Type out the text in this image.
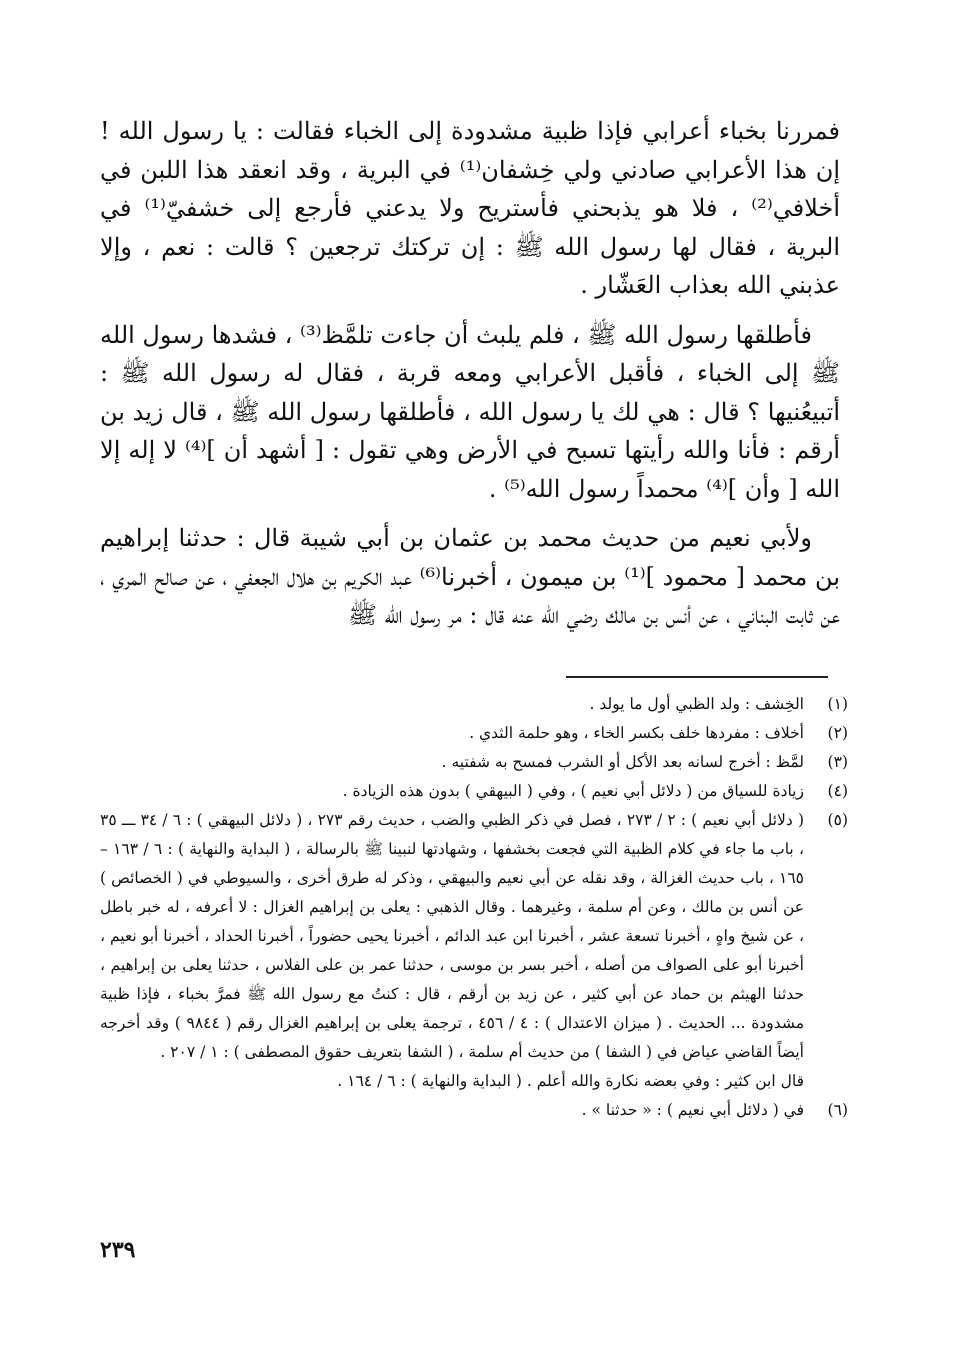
فمررنا بخباء أعرابي فإذا ظبية مشدودة إلى الخباء فقالت : يا رسول الله ! إن هذا الأعرابي صادني ولي خِشفان⁽¹⁾ في البرية ، وقد انعقد هذا اللبن في أخلافي⁽²⁾ ، فلا هو يذبحني فأستريح ولا يدعني فأرجع إلى خشفيّ⁽¹⁾ في البرية ، فقال لها رسول الله ﷺ : إن تركتك ترجعين ؟ قالت : نعم ، وإلا عذبني الله بعذاب العَشّار .

فأطلقها رسول الله ﷺ ، فلم يلبث أن جاءت تلمَّظ⁽³⁾ ، فشدها رسول الله ﷺ إلى الخباء ، فأقبل الأعرابي ومعه قربة ، فقال له رسول الله ﷺ : أتبيعُنيها ؟ قال : هي لك يا رسول الله ، فأطلقها رسول الله ﷺ ، قال زيد بن أرقم : فأنا والله رأيتها تسبح في الأرض وهي تقول : [ أشهد أن ]⁽⁴⁾ لا إله إلا الله [ وأن ]⁽⁴⁾ محمداً رسول الله⁽⁵⁾ .

ولأبي نعيم من حديث محمد بن عثمان بن أبي شيبة قال : حدثنا إبراهيم بن محمد [ محمود ]⁽¹⁾ بن ميمون ، أخبرنا⁽⁶⁾ عبد الكريم بن هلال الجعفي ، عن صالح المري ، عن ثابت البناني ، عن أنس بن مالك رضي الله عنه قال : مر رسول الله ﷺ

(١)
الخِشف : ولد الظبي أول ما يولد .
(٢)
أخلاف : مفردها خلف بكسر الخاء ، وهو حلمة الثدي .
(٣)
لمَّظ : أخرج لسانه بعد الأكل أو الشرب فمسح به شفتيه .
(٤)
زيادة للسياق من ( دلائل أبي نعيم ) ، وفي ( البيهقي ) بدون هذه الزيادة .
(٥)
( دلائل أبي نعيم ) : ٢ / ٢٧٣ ، فصل في ذكر الظبي والضب ، حديث رقم ٢٧٣ ، ( دلائل البيهقي ) : ٦ / ٣٤ ـــ ٣٥ ، باب ما جاء في كلام الظبية التي فجعت بخشفها ، وشهادتها لنبينا ﷺ بالرسالة ، ( البداية والنهاية ) : ٦ / ١٦٣ – ١٦٥ ، باب حديث الغزالة ، وقد نقله عن أبي نعيم والبيهقي ، وذكر له طرق أخرى ، والسيوطي في ( الخصائص ) عن أنس بن مالك ، وعن أم سلمة ، وغيرهما . وقال الذهبي : يعلى بن إبراهيم الغزال : لا أعرفه ، له خبر باطل ، عن شيخ واهٍ ، أخبرنا تسعة عشر ، أخبرنا ابن عبد الدائم ، أخبرنا يحيى حضوراً ، أخبرنا الحداد ، أخبرنا أبو نعيم ، أخبرنا أبو على الصواف من أصله ، أخبر بسر بن موسى ، حدثنا عمر بن على الفلاس ، حدثنا يعلى بن إبراهيم ، حدثنا الهيثم بن حماد عن أبي كثير ، عن زيد بن أرقم ، قال : كنتُ مع رسول الله ﷺ فمرَّ بخباء ، فإذا ظبية مشدودة ... الحديث . ( ميزان الاعتدال ) : ٤ / ٤٥٦ ، ترجمة يعلى بن إبراهيم الغزال رقم ( ٩٨٤٤ ) وقد أخرجه أيضاً القاضي عياض في ( الشفا ) من حديث أم سلمة ، ( الشفا بتعريف حقوق المصطفى ) : ١ / ٢٠٧ .
قال ابن كثير : وفي بعضه نكارة والله أعلم . ( البداية والنهاية ) : ٦ / ١٦٤ .
(٦)
في ( دلائل أبي نعيم ) : « حدثنا » .
٢٣٩
